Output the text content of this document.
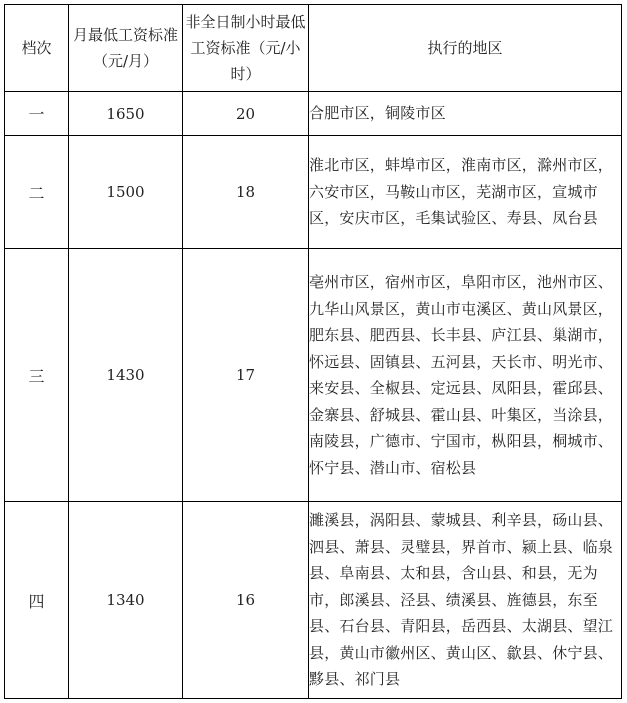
档次	月最低工资标准（元/月）	非全日制小时最低工资标准（元/小时）	执行的地区
一	1650	20	合肥市区，铜陵市区
二	1500	18	淮北市区，蚌埠市区，淮南市区，滁州市区，六安市区，马鞍山市区，芜湖市区，宣城市区，安庆市区，毛集试验区、寿县、凤台县
三	1430	17	亳州市区，宿州市区，阜阳市区，池州市区、九华山风景区，黄山市屯溪区、黄山风景区，肥东县、肥西县、长丰县、庐江县、巢湖市，怀远县、固镇县、五河县，天长市、明光市、来安县、全椒县、定远县、凤阳县，霍邱县、金寨县、舒城县、霍山县、叶集区，当涂县，南陵县，广德市、宁国市，枞阳县，桐城市、怀宁县、潜山市、宿松县
四	1340	16	濉溪县，涡阳县、蒙城县、利辛县，砀山县、泗县、萧县、灵璧县，界首市、颍上县、临泉县、阜南县、太和县，含山县、和县，无为市，郎溪县、泾县、绩溪县、旌德县，东至县、石台县、青阳县，岳西县、太湖县、望江县，黄山市徽州区、黄山区、歙县、休宁县、黟县、祁门县
